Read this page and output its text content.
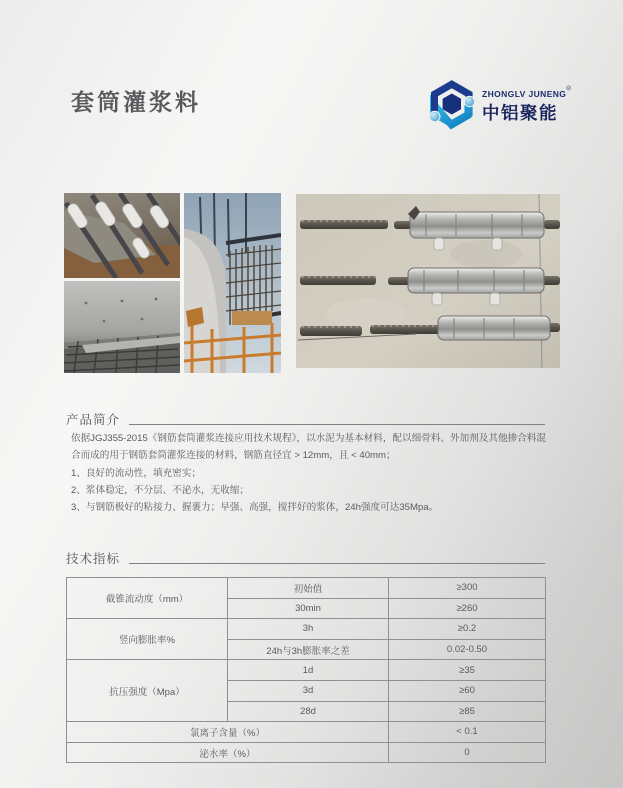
套筒灌浆料	ZHONGLV JUNENG®
中铝聚能
产品简介

依据JGJ355-2015《钢筋套筒灌浆连接应用技术规程》，以水泥为基本材料，配以细骨料、外加剂及其他掺合料混合而成的用于钢筋套筒灌浆连接的材料，钢筋直径宜 > 12mm，且 < 40mm；

1、良好的流动性，填充密实；

2、浆体稳定，不分层、不泌水，无收缩；

3、与钢筋极好的粘接力、握裹力；早强、高强，搅拌好的浆体，24h强度可达35Mpa。

技术指标
截锥流动度（mm）	初始值	≥300
	30min	≥260
竖向膨胀率%	3h	≥0.2
	24h与3h膨胀率之差	0.02-0.50
抗压强度（Mpa）	1d	≥35
	3d	≥60
	28d	≥85
氯离子含量（%）		< 0.1
泌水率（%）		0
